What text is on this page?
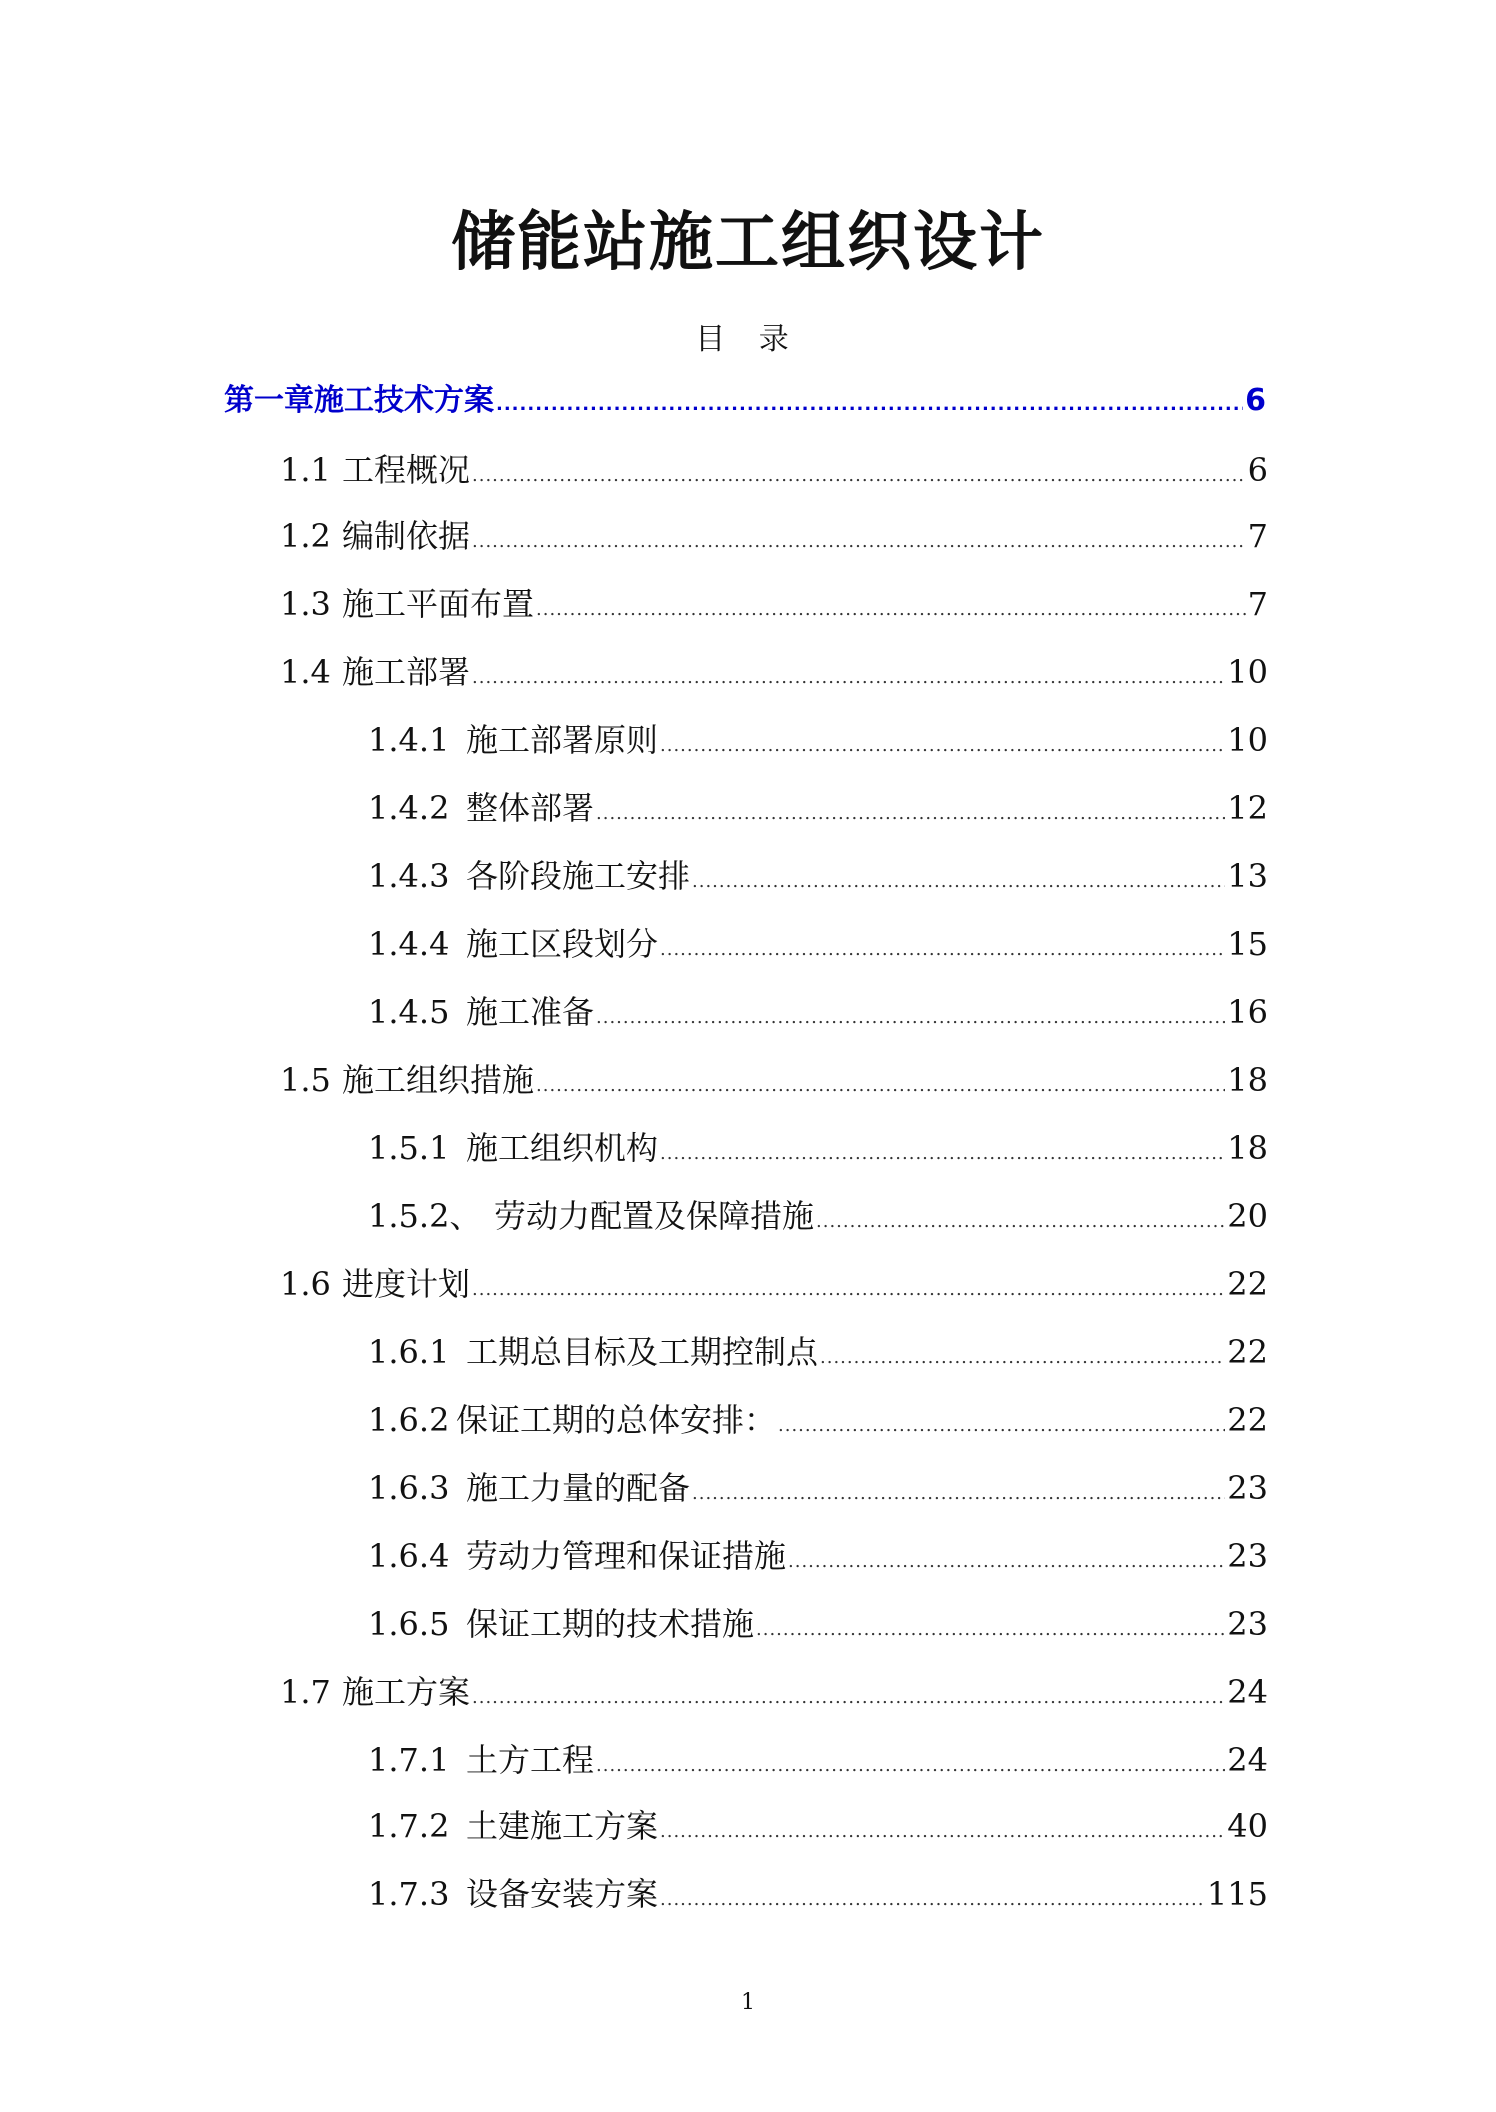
储能站施工组织设计
目 录
第一章施工技术方案 .....	6
1.1 工程概况 .....	6
1.2 编制依据 .....	7
1.3 施工平面布置 .....	7
1.4 施工部署 .....	10
1.4.1 施工部署原则 .....	10
1.4.2 整体部署 .....	12
1.4.3 各阶段施工安排 .....	13
1.4.4 施工区段划分 .....	15
1.4.5 施工准备 .....	16
1.5 施工组织措施 .....	18
1.5.1 施工组织机构 .....	18
1.5.2、 劳动力配置及保障措施 .....	20
1.6 进度计划 .....	22
1.6.1 工期总目标及工期控制点 .....	22
1.6.2 保证工期的总体安排： .....	22
1.6.3 施工力量的配备 .....	23
1.6.4 劳动力管理和保证措施 .....	23
1.6.5 保证工期的技术措施 .....	23
1.7 施工方案 .....	24
1.7.1 土方工程 .....	24
1.7.2 土建施工方案 .....	40
1.7.3 设备安装方案 .....	115
1
